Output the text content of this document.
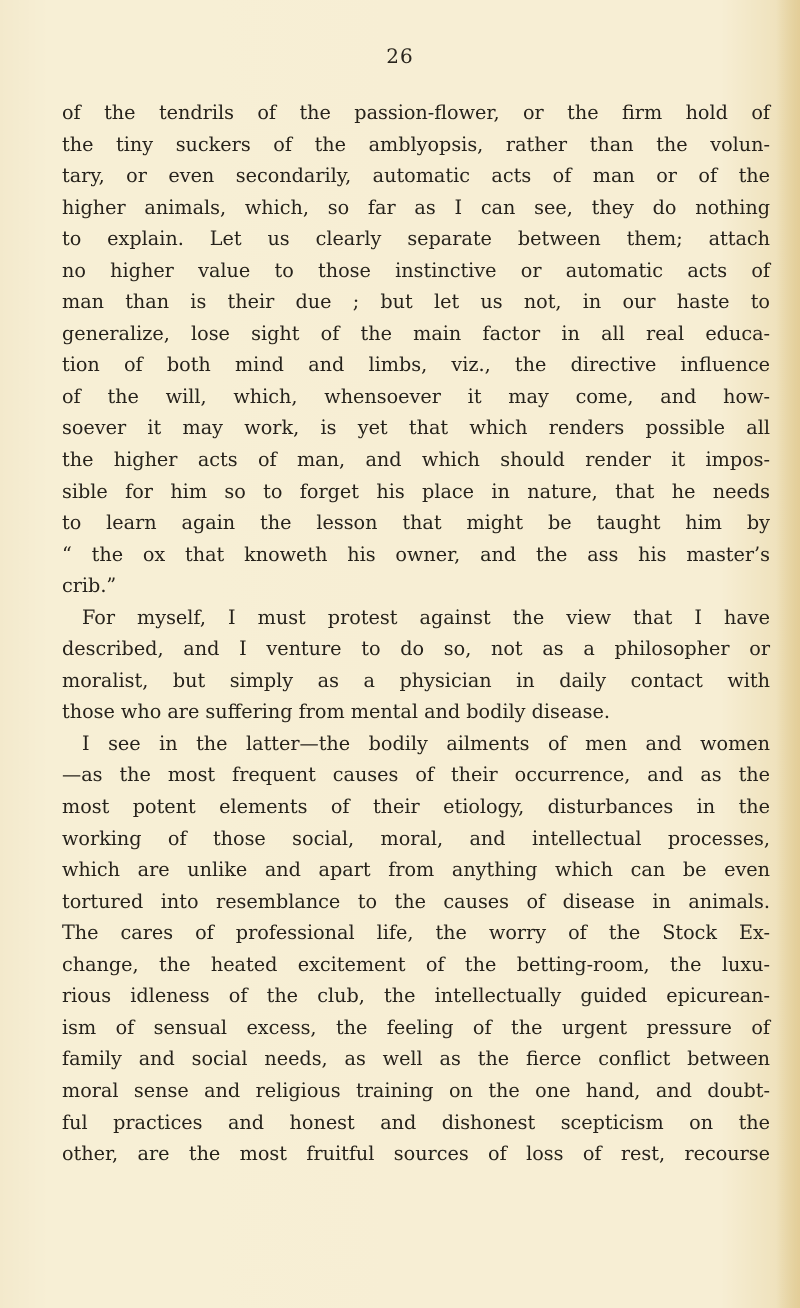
26
of the tendrils of the passion-flower, or the firm hold of
the tiny suckers of the amblyopsis, rather than the volun-
tary, or even secondarily, automatic acts of man or of the
higher animals, which, so far as I can see, they do nothing
to explain. Let us clearly separate between them; attach
no higher value to those instinctive or automatic acts of
man than is their due ; but let us not, in our haste to
generalize, lose sight of the main factor in all real educa-
tion of both mind and limbs, viz., the directive influence
of the will, which, whensoever it may come, and how-
soever it may work, is yet that which renders possible all
the higher acts of man, and which should render it impos-
sible for him so to forget his place in nature, that he needs
to learn again the lesson that might be taught him by
“ the ox that knoweth his owner, and the ass his master’s
crib.”
For myself, I must protest against the view that I have
described, and I venture to do so, not as a philosopher or
moralist, but simply as a physician in daily contact with
those who are suffering from mental and bodily disease.
I see in the latter—the bodily ailments of men and women
—as the most frequent causes of their occurrence, and as the
most potent elements of their etiology, disturbances in the
working of those social, moral, and intellectual processes,
which are unlike and apart from anything which can be even
tortured into resemblance to the causes of disease in animals.
The cares of professional life, the worry of the Stock Ex-
change, the heated excitement of the betting-room, the luxu-
rious idleness of the club, the intellectually guided epicurean-
ism of sensual excess, the feeling of the urgent pressure of
family and social needs, as well as the fierce conflict between
moral sense and religious training on the one hand, and doubt-
ful practices and honest and dishonest scepticism on the
other, are the most fruitful sources of loss of rest, recourse
